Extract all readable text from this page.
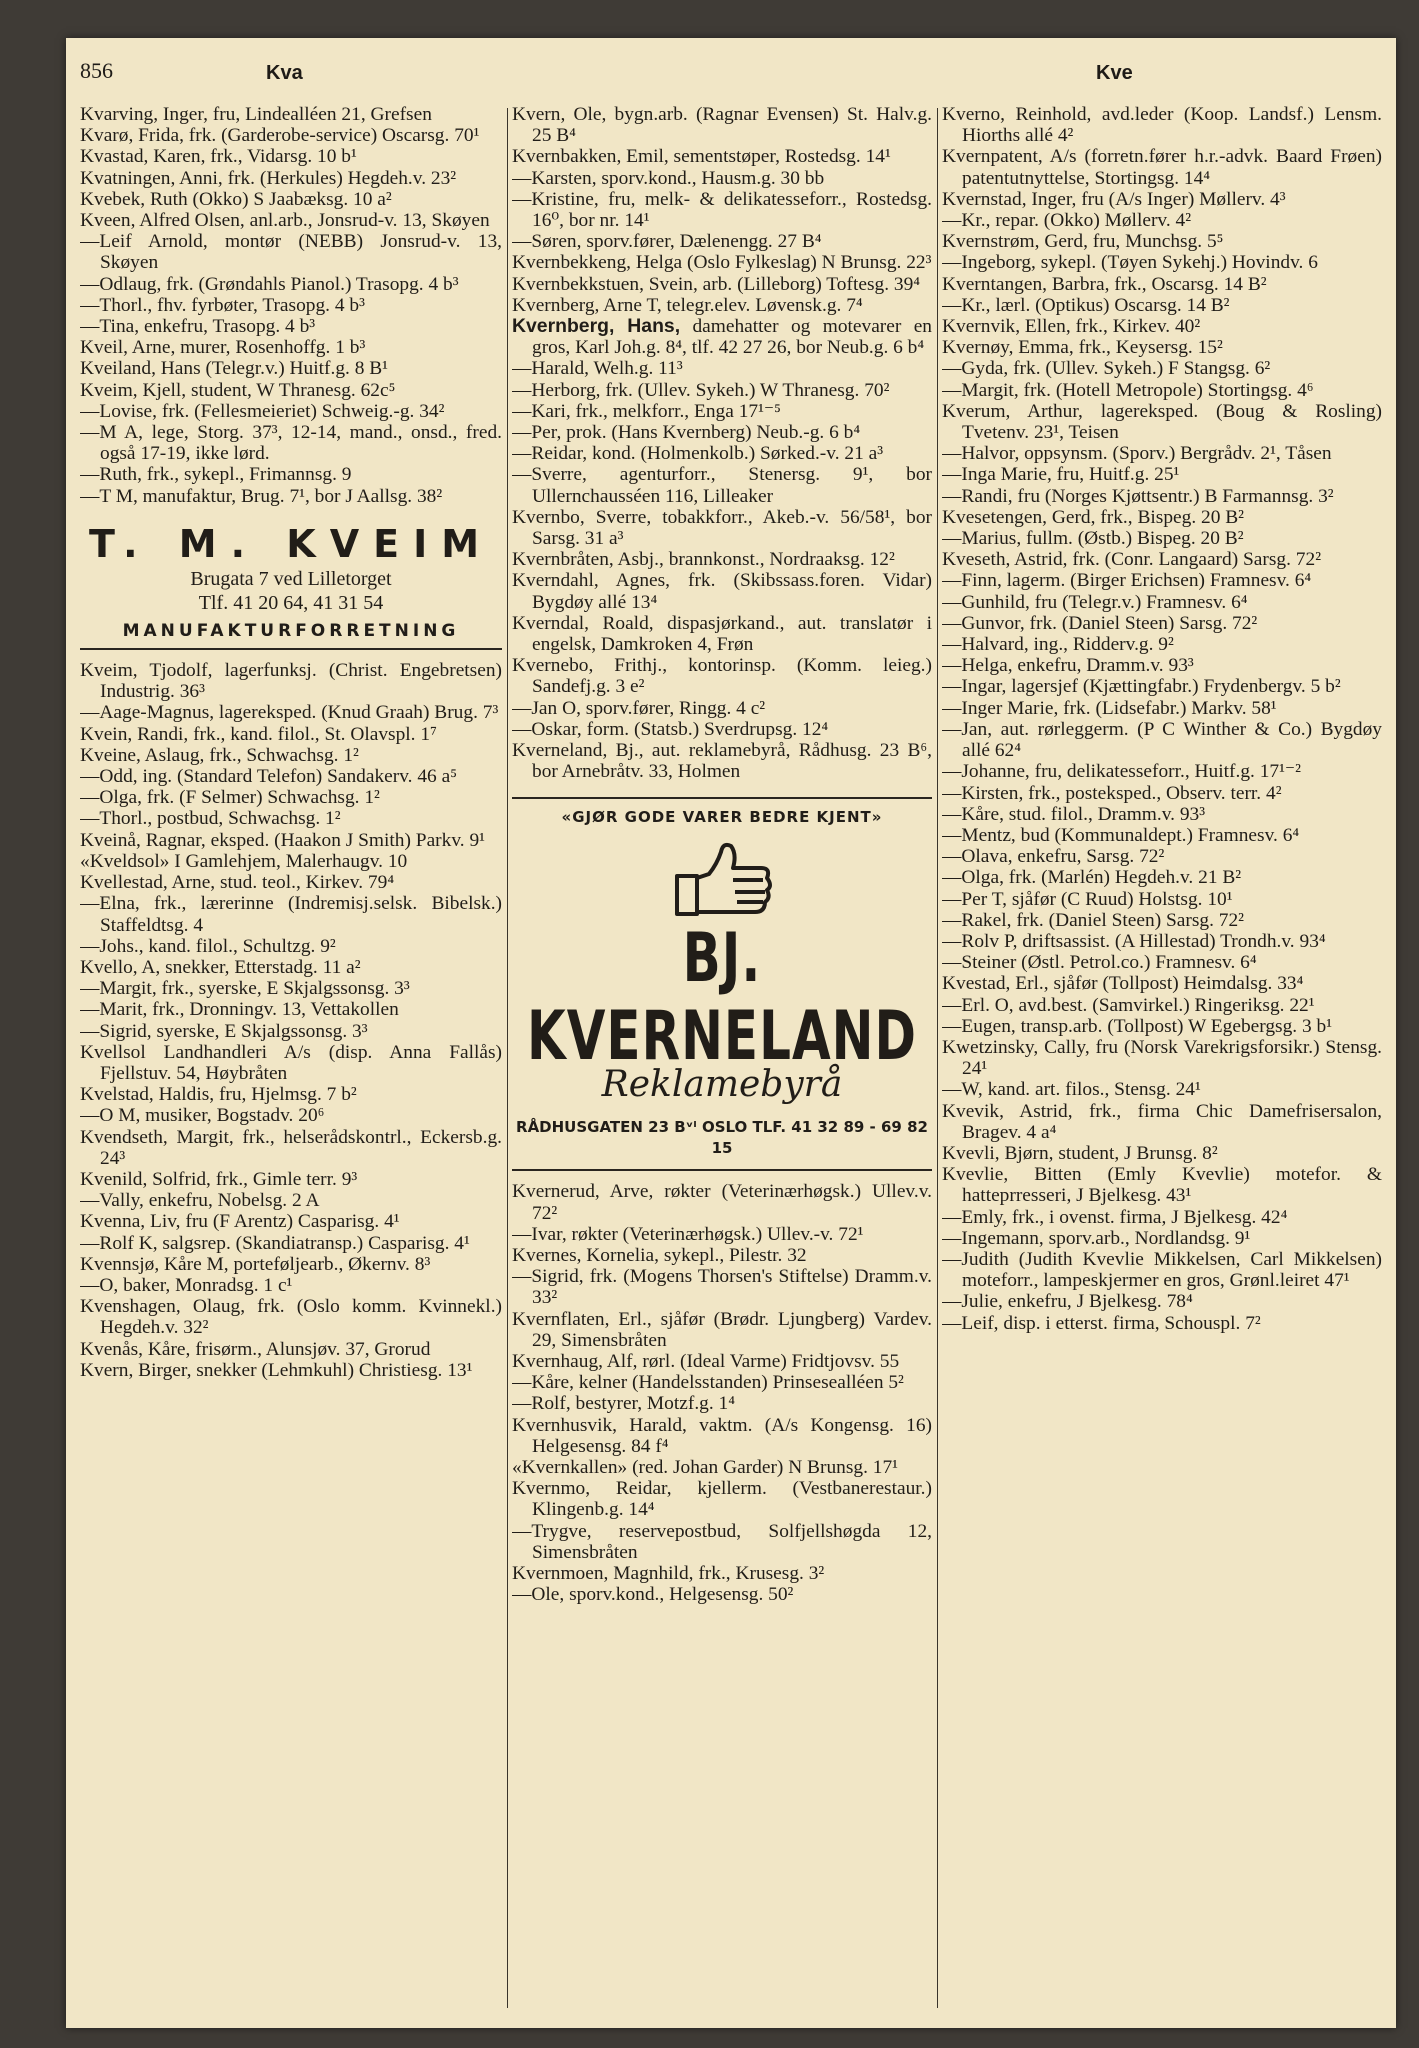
856	Kva	Kve
Kvarving, Inger, fru, Lindealléen 21, Grefsen
Kvarø, Frida, frk. (Garderobe-service) Oscarsg. 70¹
Kvastad, Karen, frk., Vidarsg. 10 b¹
Kvatningen, Anni, frk. (Herkules) Hegdeh.v. 23²
Kvebek, Ruth (Okko) S Jaabæksg. 10 a²
Kveen, Alfred Olsen, anl.arb., Jonsrud-v. 13, Skøyen
—Leif Arnold, montør (NEBB) Jonsrud-v. 13, Skøyen
—Odlaug, frk. (Grøndahls Pianol.) Trasopg. 4 b³
—Thorl., fhv. fyrbøter, Trasopg. 4 b³
—Tina, enkefru, Trasopg. 4 b³
Kveil, Arne, murer, Rosenhoffg. 1 b³
Kveiland, Hans (Telegr.v.) Huitf.g. 8 B¹
Kveim, Kjell, student, W Thranesg. 62c⁵
—Lovise, frk. (Fellesmeieriet) Schweig.-g. 34²
—M A, lege, Storg. 37³, 12-14, mand., onsd., fred. også 17-19, ikke lørd.
—Ruth, frk., sykepl., Frimannsg. 9
—T M, manufaktur, Brug. 7¹, bor J Aallsg. 38²
T. M. KVEIM
Brugata 7 ved Lilletorget
Tlf. 41 20 64, 41 31 54
MANUFAKTURFORRETNING
Kveim, Tjodolf, lagerfunksj. (Christ. Engebretsen) Industrig. 36³
—Aage-Magnus, lagereksped. (Knud Graah) Brug. 7³
Kvein, Randi, frk., kand. filol., St. Olavspl. 1⁷
Kveine, Aslaug, frk., Schwachsg. 1²
—Odd, ing. (Standard Telefon) Sandakerv. 46 a⁵
—Olga, frk. (F Selmer) Schwachsg. 1²
—Thorl., postbud, Schwachsg. 1²
Kveinå, Ragnar, eksped. (Haakon J Smith) Parkv. 9¹
«Kveldsol» I Gamlehjem, Malerhaugv. 10
Kvellestad, Arne, stud. teol., Kirkev. 79⁴
—Elna, frk., lærerinne (Indremisj.selsk. Bibelsk.) Staffeldtsg. 4
—Johs., kand. filol., Schultzg. 9²
Kvello, A, snekker, Etterstadg. 11 a²
—Margit, frk., syerske, E Skjalgssonsg. 3³
—Marit, frk., Dronningv. 13, Vettakollen
—Sigrid, syerske, E Skjalgssonsg. 3³
Kvellsol Landhandleri A/s (disp. Anna Fallås) Fjellstuv. 54, Høybråten
Kvelstad, Haldis, fru, Hjelmsg. 7 b²
—O M, musiker, Bogstadv. 20⁶
Kvendseth, Margit, frk., helserådskontrl., Eckersb.g. 24³
Kvenild, Solfrid, frk., Gimle terr. 9³
—Vally, enkefru, Nobelsg. 2 A
Kvenna, Liv, fru (F Arentz) Casparisg. 4¹
—Rolf K, salgsrep. (Skandiatransp.) Casparisg. 4¹
Kvennsjø, Kåre M, porteføljearb., Økernv. 8³
—O, baker, Monradsg. 1 c¹
Kvenshagen, Olaug, frk. (Oslo komm. Kvinnekl.) Hegdeh.v. 32²
Kvenås, Kåre, frisørm., Alunsjøv. 37, Grorud
Kvern, Birger, snekker (Lehmkuhl) Christiesg. 13¹
Kvern, Ole, bygn.arb. (Ragnar Evensen) St. Halv.g. 25 B⁴
Kvernbakken, Emil, sementstøper, Rostedsg. 14¹
—Karsten, sporv.kond., Hausm.g. 30 bb
—Kristine, fru, melk- & delikatesseforr., Rostedsg. 16⁰, bor nr. 14¹
—Søren, sporv.fører, Dælenengg. 27 B⁴
Kvernbekkeng, Helga (Oslo Fylkeslag) N Brunsg. 22³
Kvernbekkstuen, Svein, arb. (Lilleborg) Toftesg. 39⁴
Kvernberg, Arne T, telegr.elev. Løvensk.g. 7⁴
Kvernberg, Hans, damehatter og motevarer en gros, Karl Joh.g. 8⁴, tlf. 42 27 26, bor Neub.g. 6 b⁴
—Harald, Welh.g. 11³
—Herborg, frk. (Ullev. Sykeh.) W Thranesg. 70²
—Kari, frk., melkforr., Enga 17¹⁻⁵
—Per, prok. (Hans Kvernberg) Neub.-g. 6 b⁴
—Reidar, kond. (Holmenkolb.) Sørked.-v. 21 a³
—Sverre, agenturforr., Stenersg. 9¹, bor Ullernchausséen 116, Lilleaker
Kvernbo, Sverre, tobakkforr., Akeb.-v. 56/58¹, bor Sarsg. 31 a³
Kvernbråten, Asbj., brannkonst., Nordraaksg. 12²
Kverndahl, Agnes, frk. (Skibssass.foren. Vidar) Bygdøy allé 13⁴
Kverndal, Roald, dispasjørkand., aut. translatør i engelsk, Damkroken 4, Frøn
Kvernebo, Frithj., kontorinsp. (Komm. leieg.) Sandefj.g. 3 e²
—Jan O, sporv.fører, Ringg. 4 c²
—Oskar, form. (Statsb.) Sverdrupsg. 12⁴
Kverneland, Bj., aut. reklamebyrå, Rådhusg. 23 B⁶, bor Arnebråtv. 33, Holmen
«GJØR GODE VARER BEDRE KJENT»
BJ. KVERNELAND
Reklamebyrå
RÅDHUSGATEN 23 Bᵛᴵ OSLO TLF. 41 32 89 - 69 82 15
Kvernerud, Arve, røkter (Veterinærhøgsk.) Ullev.v. 72²
—Ivar, røkter (Veterinærhøgsk.) Ullev.-v. 72¹
Kvernes, Kornelia, sykepl., Pilestr. 32
—Sigrid, frk. (Mogens Thorsen's Stiftelse) Dramm.v. 33²
Kvernflaten, Erl., sjåfør (Brødr. Ljungberg) Vardev. 29, Simensbråten
Kvernhaug, Alf, rørl. (Ideal Varme) Fridtjovsv. 55
—Kåre, kelner (Handelsstanden) Prinsesealléen 5²
—Rolf, bestyrer, Motzf.g. 1⁴
Kvernhusvik, Harald, vaktm. (A/s Kongensg. 16) Helgesensg. 84 f⁴
«Kvernkallen» (red. Johan Garder) N Brunsg. 17¹
Kvernmo, Reidar, kjellerm. (Vestbanerestaur.) Klingenb.g. 14⁴
—Trygve, reservepostbud, Solfjellshøgda 12, Simensbråten
Kvernmoen, Magnhild, frk., Krusesg. 3²
—Ole, sporv.kond., Helgesensg. 50²
Kverno, Reinhold, avd.leder (Koop. Landsf.) Lensm. Hiorths allé 4²
Kvernpatent, A/s (forretn.fører h.r.-advk. Baard Frøen) patentutnyttelse, Stortingsg. 14⁴
Kvernstad, Inger, fru (A/s Inger) Møllerv. 4³
—Kr., repar. (Okko) Møllerv. 4²
Kvernstrøm, Gerd, fru, Munchsg. 5⁵
—Ingeborg, sykepl. (Tøyen Sykehj.) Hovindv. 6
Kverntangen, Barbra, frk., Oscarsg. 14 B²
—Kr., lærl. (Optikus) Oscarsg. 14 B²
Kvernvik, Ellen, frk., Kirkev. 40²
Kvernøy, Emma, frk., Keysersg. 15²
—Gyda, frk. (Ullev. Sykeh.) F Stangsg. 6²
—Margit, frk. (Hotell Metropole) Stortingsg. 4⁶
Kverum, Arthur, lagereksped. (Boug & Rosling) Tvetenv. 23¹, Teisen
—Halvor, oppsynsm. (Sporv.) Bergrådv. 2¹, Tåsen
—Inga Marie, fru, Huitf.g. 25¹
—Randi, fru (Norges Kjøttsentr.) B Farmannsg. 3²
Kvesetengen, Gerd, frk., Bispeg. 20 B²
—Marius, fullm. (Østb.) Bispeg. 20 B²
Kveseth, Astrid, frk. (Conr. Langaard) Sarsg. 72²
—Finn, lagerm. (Birger Erichsen) Framnesv. 6⁴
—Gunhild, fru (Telegr.v.) Framnesv. 6⁴
—Gunvor, frk. (Daniel Steen) Sarsg. 72²
—Halvard, ing., Ridderv.g. 9²
—Helga, enkefru, Dramm.v. 93³
—Ingar, lagersjef (Kjættingfabr.) Frydenbergv. 5 b²
—Inger Marie, frk. (Lidsefabr.) Markv. 58¹
—Jan, aut. rørleggerm. (P C Winther & Co.) Bygdøy allé 62⁴
—Johanne, fru, delikatesseforr., Huitf.g. 17¹⁻²
—Kirsten, frk., posteksped., Observ. terr. 4²
—Kåre, stud. filol., Dramm.v. 93³
—Mentz, bud (Kommunaldept.) Framnesv. 6⁴
—Olava, enkefru, Sarsg. 72²
—Olga, frk. (Marlén) Hegdeh.v. 21 B²
—Per T, sjåfør (C Ruud) Holstsg. 10¹
—Rakel, frk. (Daniel Steen) Sarsg. 72²
—Rolv P, driftsassist. (A Hillestad) Trondh.v. 93⁴
—Steiner (Østl. Petrol.co.) Framnesv. 6⁴
Kvestad, Erl., sjåfør (Tollpost) Heimdalsg. 33⁴
—Erl. O, avd.best. (Samvirkel.) Ringeriksg. 22¹
—Eugen, transp.arb. (Tollpost) W Egebergsg. 3 b¹
Kwetzinsky, Cally, fru (Norsk Varekrigsforsikr.) Stensg. 24¹
—W, kand. art. filos., Stensg. 24¹
Kvevik, Astrid, frk., firma Chic Damefrisersalon, Bragev. 4 a⁴
Kvevli, Bjørn, student, J Brunsg. 8²
Kvevlie, Bitten (Emly Kvevlie) motefor. & hatteprresseri, J Bjelkesg. 43¹
—Emly, frk., i ovenst. firma, J Bjelkesg. 42⁴
—Ingemann, sporv.arb., Nordlandsg. 9¹
—Judith (Judith Kvevlie Mikkelsen, Carl Mikkelsen) moteforr., lampeskjermer en gros, Grønl.leiret 47¹
—Julie, enkefru, J Bjelkesg. 78⁴
—Leif, disp. i etterst. firma, Schouspl. 7²
